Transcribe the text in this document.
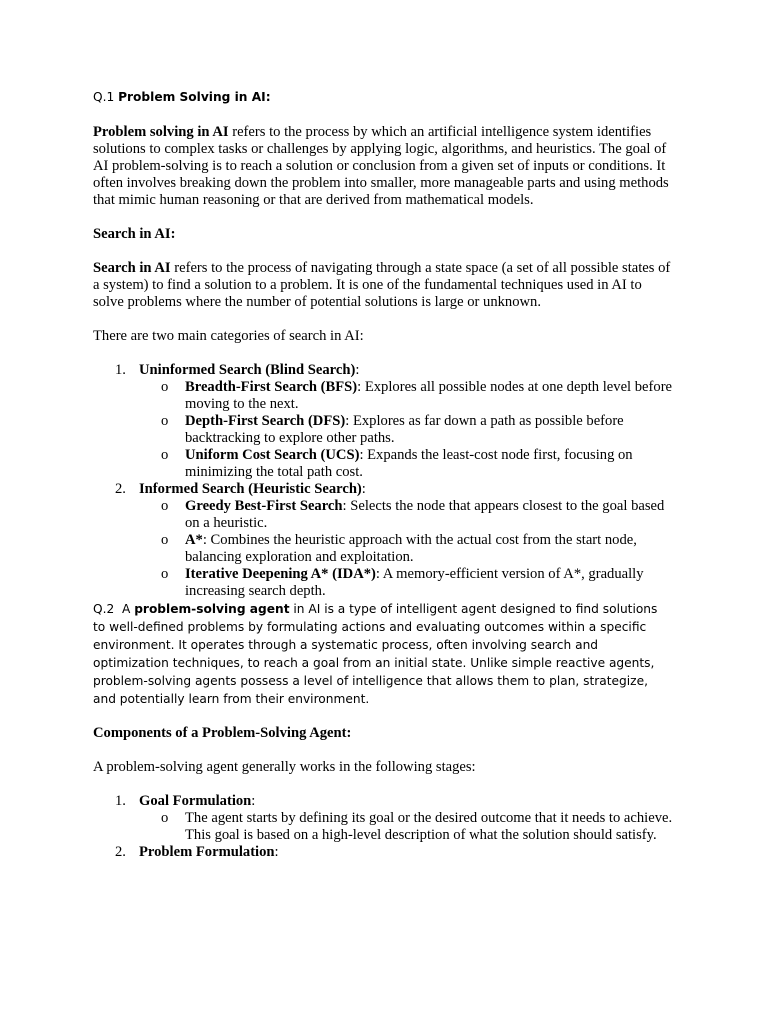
Q.1 Problem Solving in AI:

Problem solving in AI refers to the process by which an artificial intelligence system identifies solutions to complex tasks or challenges by applying logic, algorithms, and heuristics. The goal of AI problem-solving is to reach a solution or conclusion from a given set of inputs or conditions. It often involves breaking down the problem into smaller, more manageable parts and using methods that mimic human reasoning or that are derived from mathematical models.

Search in AI:

Search in AI refers to the process of navigating through a state space (a set of all possible states of a system) to find a solution to a problem. It is one of the fundamental techniques used in AI to solve problems where the number of potential solutions is large or unknown.

There are two main categories of search in AI:

1. Uninformed Search (Blind Search):
o Breadth-First Search (BFS): Explores all possible nodes at one depth level before moving to the next.
o Depth-First Search (DFS): Explores as far down a path as possible before backtracking to explore other paths.
o Uniform Cost Search (UCS): Expands the least-cost node first, focusing on minimizing the total path cost.
2. Informed Search (Heuristic Search):
o Greedy Best-First Search: Selects the node that appears closest to the goal based on a heuristic.
o A*: Combines the heuristic approach with the actual cost from the start node, balancing exploration and exploitation.
o Iterative Deepening A* (IDA*): A memory-efficient version of A*, gradually increasing search depth.

Q.2 A problem-solving agent in AI is a type of intelligent agent designed to find solutions to well-defined problems by formulating actions and evaluating outcomes within a specific environment. It operates through a systematic process, often involving search and optimization techniques, to reach a goal from an initial state. Unlike simple reactive agents, problem-solving agents possess a level of intelligence that allows them to plan, strategize, and potentially learn from their environment.

Components of a Problem-Solving Agent:

A problem-solving agent generally works in the following stages:

1. Goal Formulation:
o The agent starts by defining its goal or the desired outcome that it needs to achieve. This goal is based on a high-level description of what the solution should satisfy.
2. Problem Formulation:
